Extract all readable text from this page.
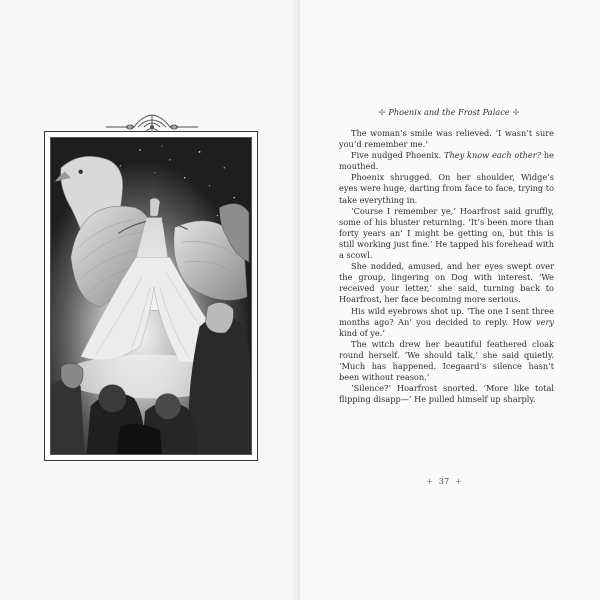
✢ Phoenix and the Frost Palace ✢

The woman’s smile was relieved. ‘I wasn’t sure you’d remember me.’

Five nudged Phoenix. They know each other? he mouthed.

Phoenix shrugged. On her shoulder, Widge’s eyes were huge, darting from face to face, trying to take everything in.

‘Course I remember ye,’ Hoarfrost said gruffly, some of his bluster returning. ‘It’s been more than forty years an’ I might be getting on, but this is still working just fine.’ He tapped his forehead with a scowl.

She nodded, amused, and her eyes swept over the group, lingering on Dog with interest. ‘We received your letter,’ she said, turning back to Hoarfrost, her face becoming more serious.

His wild eyebrows shot up. ‘The one I sent three months ago? An’ you decided to reply. How very kind of ye.’

The witch drew her beautiful feathered cloak round herself. ‘We should talk,’ she said quietly. ‘Much has happened. Icegaard’s silence hasn’t been without reason.’

‘Silence?’ Hoarfrost snorted. ‘More like total flipping disapp—’ He pulled himself up sharply.

+ 37 +
